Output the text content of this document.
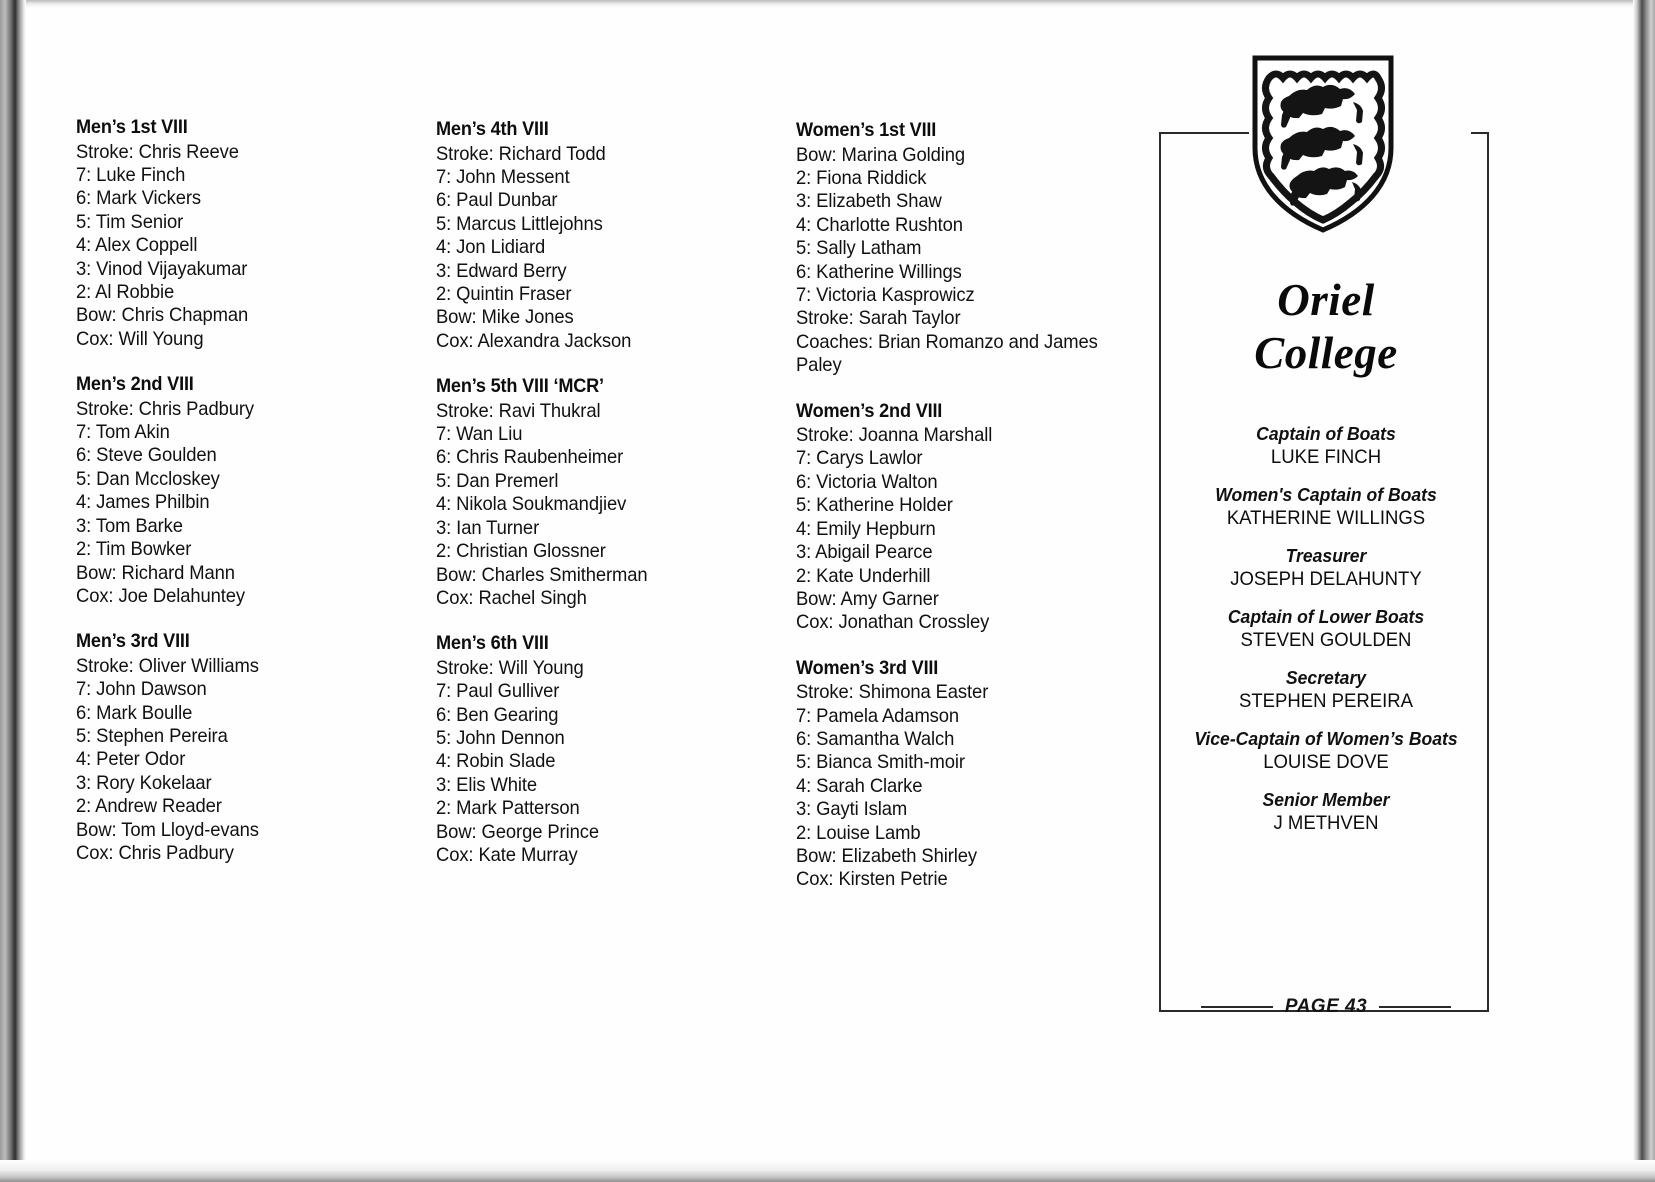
Men’s 1st VIII
Stroke: Chris Reeve
7: Luke Finch
6: Mark Vickers
5: Tim Senior
4: Alex Coppell
3: Vinod Vijayakumar
2: Al Robbie
Bow: Chris Chapman
Cox: Will Young
Men’s 2nd VIII
Stroke: Chris Padbury
7: Tom Akin
6: Steve Goulden
5: Dan Mccloskey
4: James Philbin
3: Tom Barke
2: Tim Bowker
Bow: Richard Mann
Cox: Joe Delahuntey
Men’s 3rd VIII
Stroke: Oliver Williams
7: John Dawson
6: Mark Boulle
5: Stephen Pereira
4: Peter Odor
3: Rory Kokelaar
2: Andrew Reader
Bow: Tom Lloyd-evans
Cox: Chris Padbury
Men’s 4th VIII
Stroke: Richard Todd
7: John Messent
6: Paul Dunbar
5: Marcus Littlejohns
4: Jon Lidiard
3: Edward Berry
2: Quintin Fraser
Bow: Mike Jones
Cox: Alexandra Jackson
Men’s 5th VIII ‘MCR’
Stroke: Ravi Thukral
7: Wan Liu
6: Chris Raubenheimer
5: Dan Premerl
4: Nikola Soukmandjiev
3: Ian Turner
2: Christian Glossner
Bow: Charles Smitherman
Cox: Rachel Singh
Men’s 6th VIII
Stroke: Will Young
7: Paul Gulliver
6: Ben Gearing
5: John Dennon
4: Robin Slade
3: Elis White
2: Mark Patterson
Bow: George Prince
Cox: Kate Murray
Women’s 1st VIII
Bow: Marina Golding
2: Fiona Riddick
3: Elizabeth Shaw
4: Charlotte Rushton
5: Sally Latham
6: Katherine Willings
7: Victoria Kasprowicz
Stroke: Sarah Taylor
Coaches: Brian Romanzo and James Paley
Women’s 2nd VIII
Stroke: Joanna Marshall
7: Carys Lawlor
6: Victoria Walton
5: Katherine Holder
4: Emily Hepburn
3: Abigail Pearce
2: Kate Underhill
Bow: Amy Garner
Cox: Jonathan Crossley
Women’s 3rd VIII
Stroke: Shimona Easter
7: Pamela Adamson
6: Samantha Walch
5: Bianca Smith-moir
4: Sarah Clarke
3: Gayti Islam
2: Louise Lamb
Bow: Elizabeth Shirley
Cox: Kirsten Petrie
Oriel
College
Captain of Boats
LUKE FINCH
Women's Captain of Boats
KATHERINE WILLINGS
Treasurer
JOSEPH DELAHUNTY
Captain of Lower Boats
STEVEN GOULDEN
Secretary
STEPHEN PEREIRA
Vice-Captain of Women’s Boats
LOUISE DOVE
Senior Member
J METHVEN
PAGE 43
